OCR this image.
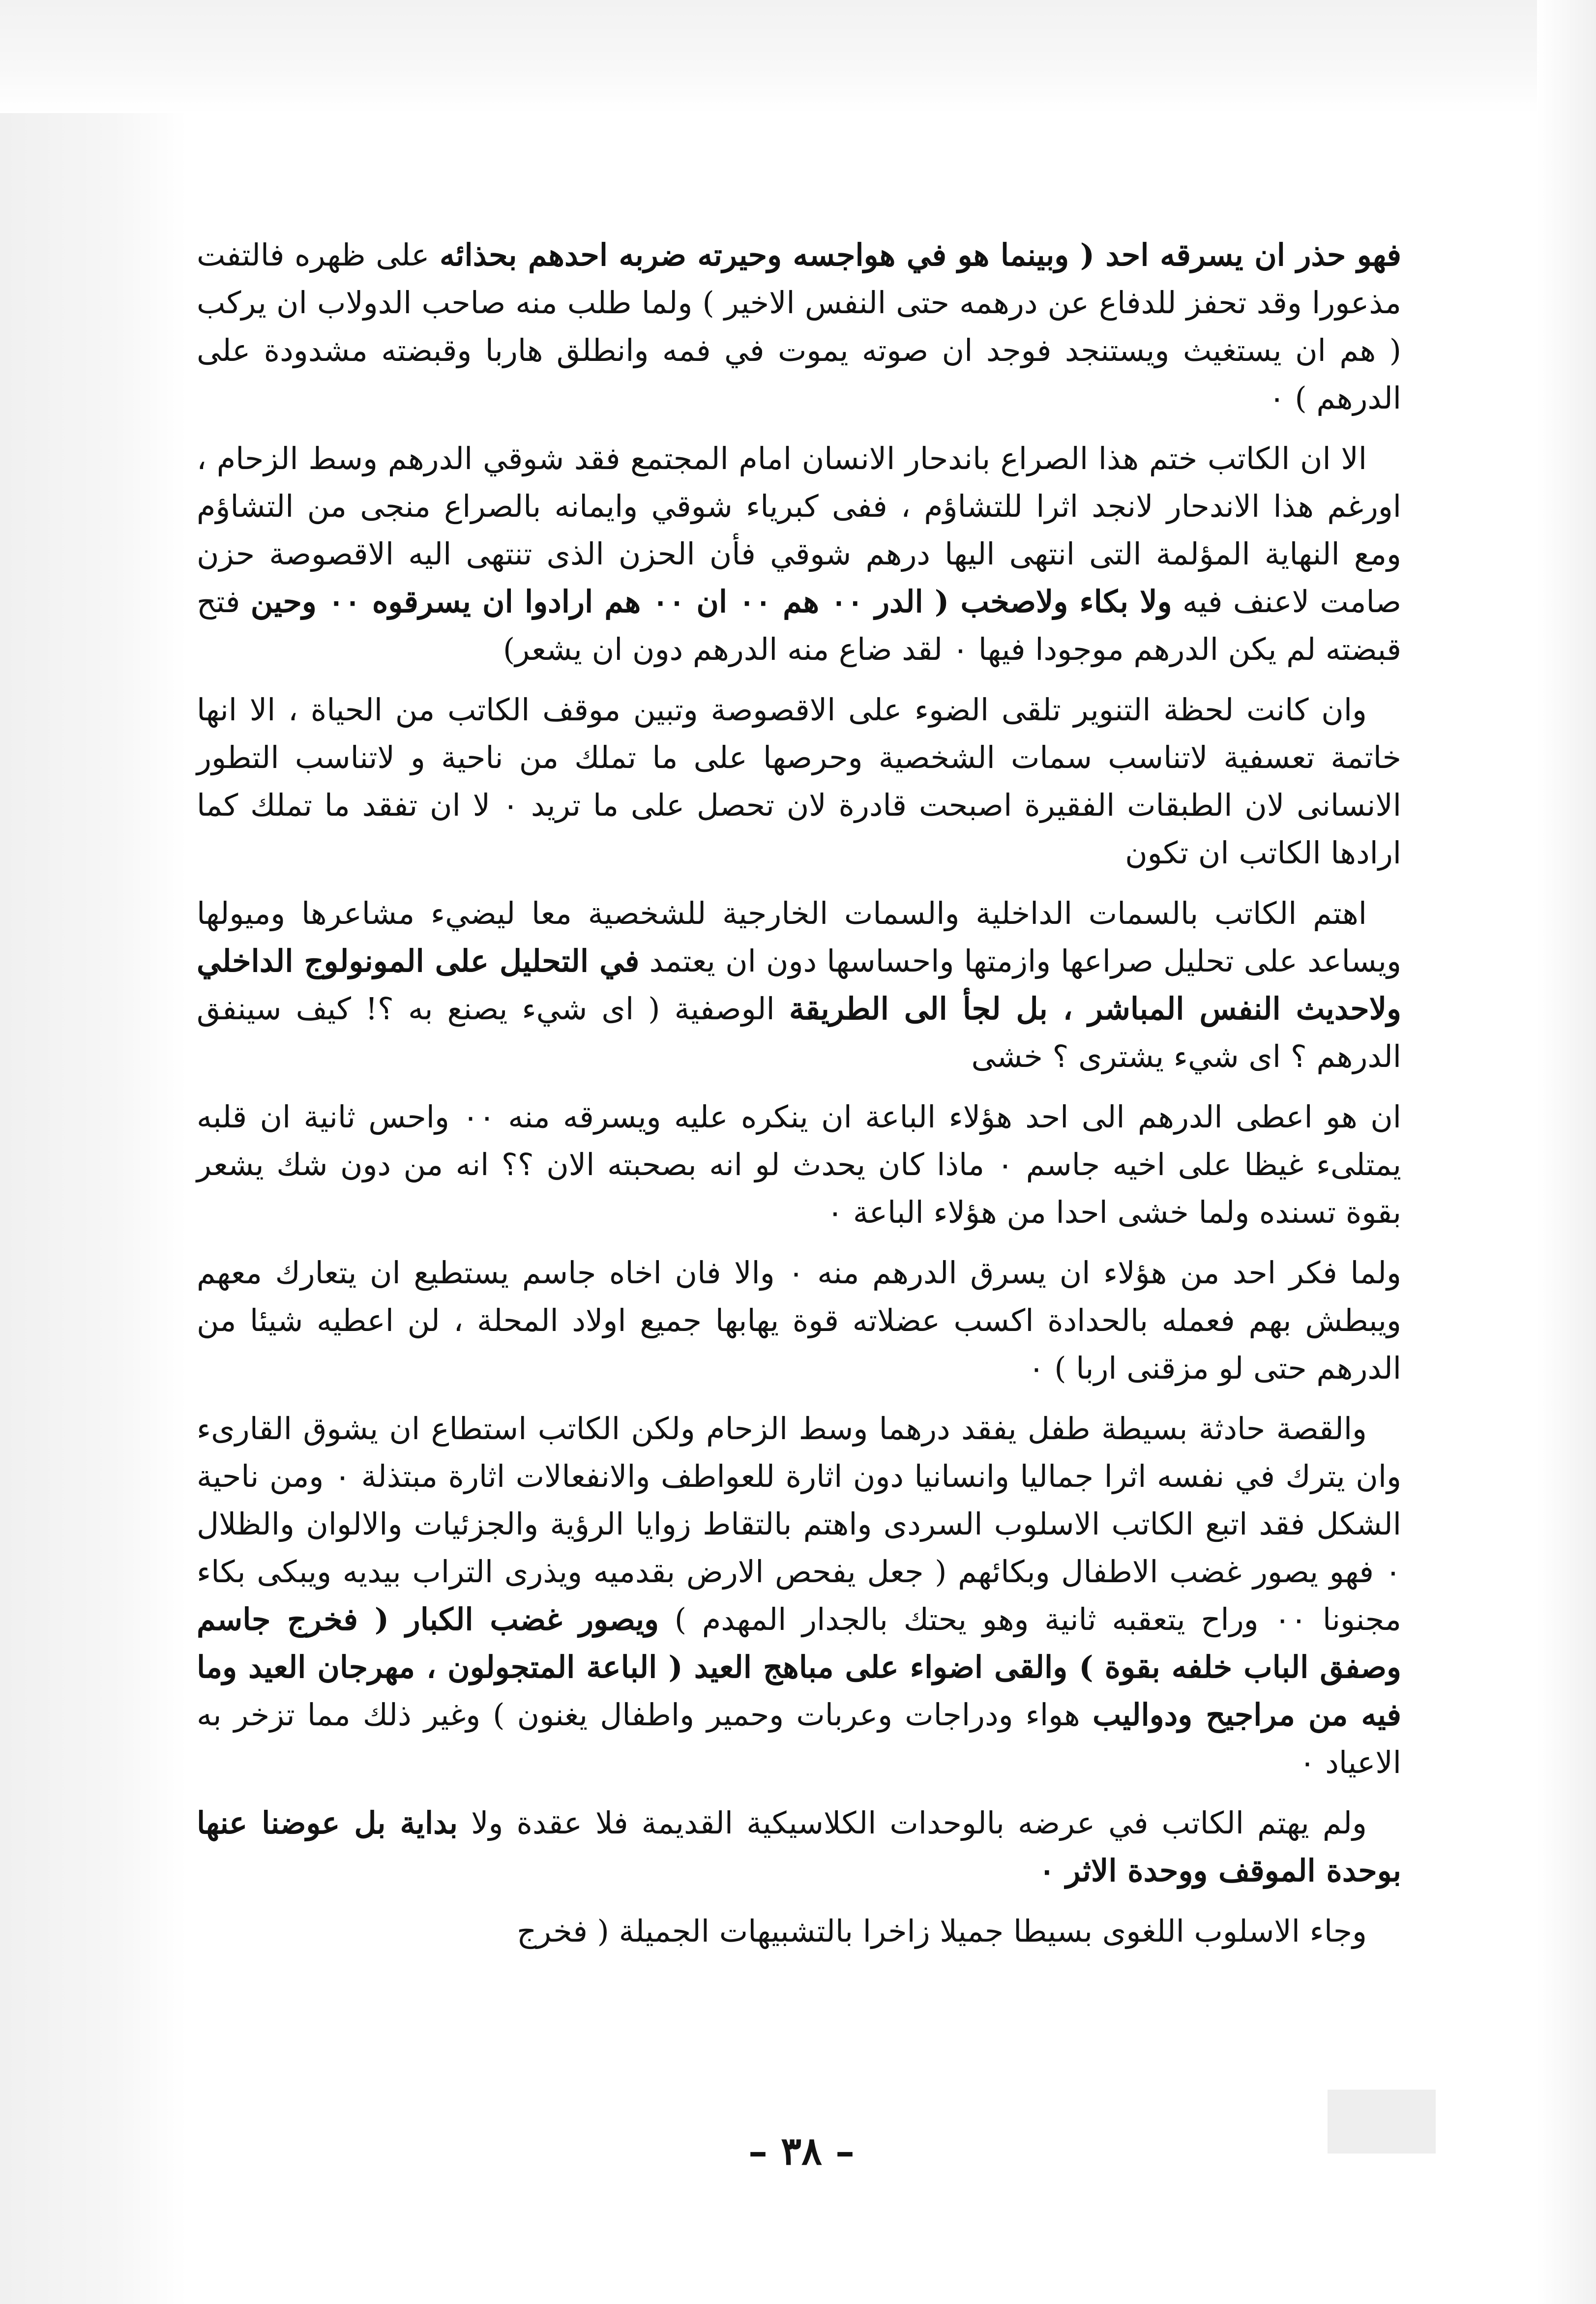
فهو حذر ان يسرقه احد ( وبينما هو في هواجسه وحيرته ضربه احدهم بحذائه على ظهره فالتفت مذعورا وقد تحفز للدفاع عن درهمه حتى النفس الاخير ) ولما طلب منه صاحب الدولاب ان يركب ( هم ان يستغيث ويستنجد فوجد ان صوته يموت في فمه وانطلق هاربا وقبضته مشدودة على الدرهم ) ٠

الا ان الكاتب ختم هذا الصراع باندحار الانسان امام المجتمع فقد شوقي الدرهم وسط الزحام ، اورغم هذا الاندحار لانجد اثرا للتشاؤم ، ففى كبرياء شوقي وايمانه بالصراع منجى من التشاؤم ومع النهاية المؤلمة التى انتهى اليها درهم شوقي فأن الحزن الذى تنتهى اليه الاقصوصة حزن صامت لاعنف فيه ولا بكاء ولاصخب ( الدر ٠٠ هم ٠٠ ان ٠٠ هم ارادوا ان يسرقوه ٠٠ وحين فتح قبضته لم يكن الدرهم موجودا فيها ٠ لقد ضاع منه الدرهم دون ان يشعر)

وان كانت لحظة التنوير تلقى الضوء على الاقصوصة وتبين موقف الكاتب من الحياة ، الا انها خاتمة تعسفية لاتناسب سمات الشخصية وحرصها على ما تملك من ناحية و لاتناسب التطور الانسانى لان الطبقات الفقيرة اصبحت قادرة لان تحصل على ما تريد ٠ لا ان تفقد ما تملك كما ارادها الكاتب ان تكون

اهتم الكاتب بالسمات الداخلية والسمات الخارجية للشخصية معا ليضيء مشاعرها وميولها ويساعد على تحليل صراعها وازمتها واحساسها دون ان يعتمد في التحليل على المونولوج الداخلي ولاحديث النفس المباشر ، بل لجأ الى الطريقة الوصفية ( اى شيء يصنع به ؟! كيف سينفق الدرهم ؟ اى شيء يشترى ؟ خشى

ان هو اعطى الدرهم الى احد هؤلاء الباعة ان ينكره عليه ويسرقه منه ٠٠ واحس ثانية ان قلبه يمتلىء غيظا على اخيه جاسم ٠ ماذا كان يحدث لو انه بصحبته الان ؟؟ انه من دون شك يشعر بقوة تسنده ولما خشى احدا من هؤلاء الباعة ٠

ولما فكر احد من هؤلاء ان يسرق الدرهم منه ٠ والا فان اخاه جاسم يستطيع ان يتعارك معهم ويبطش بهم فعمله بالحدادة اكسب عضلاته قوة يهابها جميع اولاد المحلة ، لن اعطيه شيئا من الدرهم حتى لو مزقنى اربا ) ٠

والقصة حادثة بسيطة طفل يفقد درهما وسط الزحام ولكن الكاتب استطاع ان يشوق القارىء وان يترك في نفسه اثرا جماليا وانسانيا دون اثارة للعواطف والانفعالات اثارة مبتذلة ٠ ومن ناحية الشكل فقد اتبع الكاتب الاسلوب السردى واهتم بالتقاط زوايا الرؤية والجزئيات والالوان والظلال ٠ فهو يصور غضب الاطفال وبكائهم ( جعل يفحص الارض بقدميه ويذرى التراب بيديه ويبكى بكاء مجنونا ٠٠ وراح يتعقبه ثانية وهو يحتك بالجدار المهدم ) ويصور غضب الكبار ( فخرج جاسم وصفق الباب خلفه بقوة ) والقى اضواء على مباهج العيد ( الباعة المتجولون ، مهرجان العيد وما فيه من مراجيح ودواليب هواء ودراجات وعربات وحمير واطفال يغنون ) وغير ذلك مما تزخر به الاعياد ٠

ولم يهتم الكاتب في عرضه بالوحدات الكلاسيكية القديمة فلا عقدة ولا بداية بل عوضنا عنها بوحدة الموقف ووحدة الاثر ٠

وجاء الاسلوب اللغوى بسيطا جميلا زاخرا بالتشبيهات الجميلة ( فخرج

– ٣٨ –
